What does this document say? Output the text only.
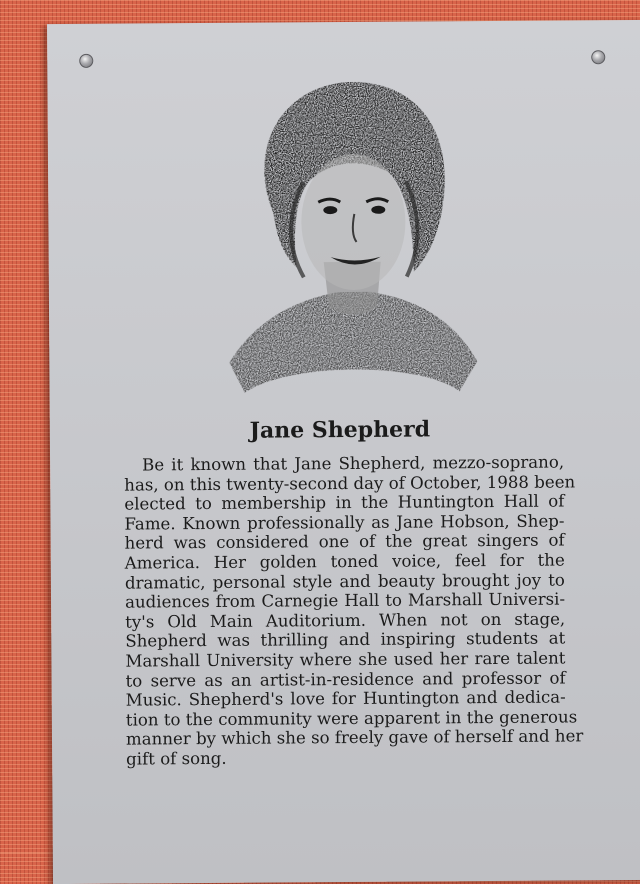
Jane Shepherd

Be it known that Jane Shepherd, mezzo-soprano,
has, on this twenty-second day of October, 1988 been
elected to membership in the Huntington Hall of
Fame. Known professionally as Jane Hobson, Shep-
herd was considered one of the great singers of
America. Her golden toned voice, feel for the
dramatic, personal style and beauty brought joy to
audiences from Carnegie Hall to Marshall Universi-
ty's Old Main Auditorium. When not on stage,
Shepherd was thrilling and inspiring students at
Marshall University where she used her rare talent
to serve as an artist-in-residence and professor of
Music. Shepherd's love for Huntington and dedica-
tion to the community were apparent in the generous
manner by which she so freely gave of herself and her
gift of song.
